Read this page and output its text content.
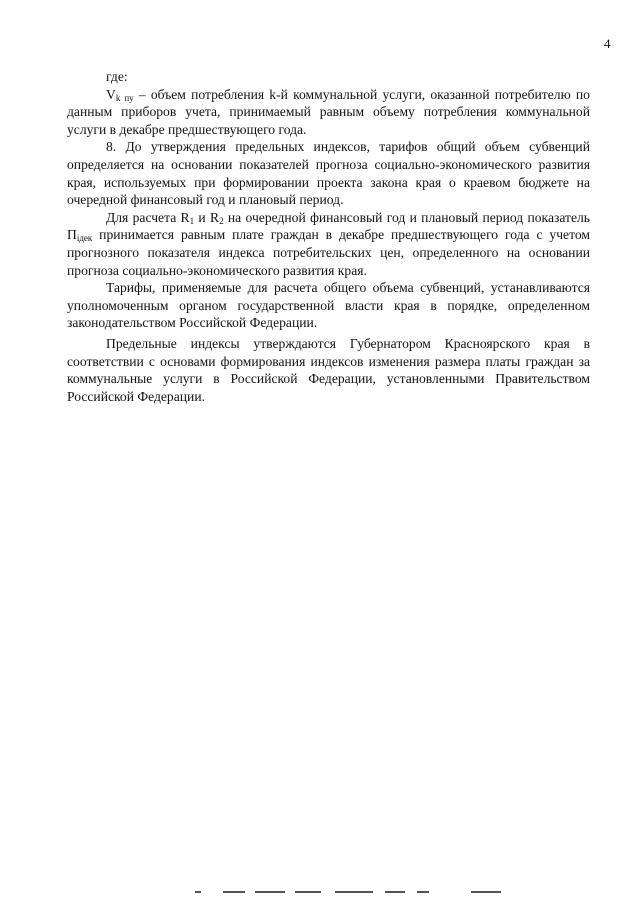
4

где:

$V_{k пу}$ – объем потребления k-й коммунальной услуги, оказанной потребителю по данным приборов учета, принимаемый равным объему потребления коммунальной услуги в декабре предшествующего года.

8. До утверждения предельных индексов, тарифов общий объем субвенций определяется на основании показателей прогноза социально-экономического развития края, используемых при формировании проекта закона края о краевом бюджете на очередной финансовый год и плановый период.

Для расчета $R_1$ и $R_2$ на очередной финансовый год и плановый период показатель $П_{iдек}$ принимается равным плате граждан в декабре предшествующего года с учетом прогнозного показателя индекса потребительских цен, определенного на основании прогноза социально-экономического развития края.

Тарифы, применяемые для расчета общего объема субвенций, устанавливаются уполномоченным органом государственной власти края в порядке, определенном законодательством Российской Федерации.

Предельные индексы утверждаются Губернатором Красноярского края в соответствии с основами формирования индексов изменения размера платы граждан за коммунальные услуги в Российской Федерации, установленными Правительством Российской Федерации.
